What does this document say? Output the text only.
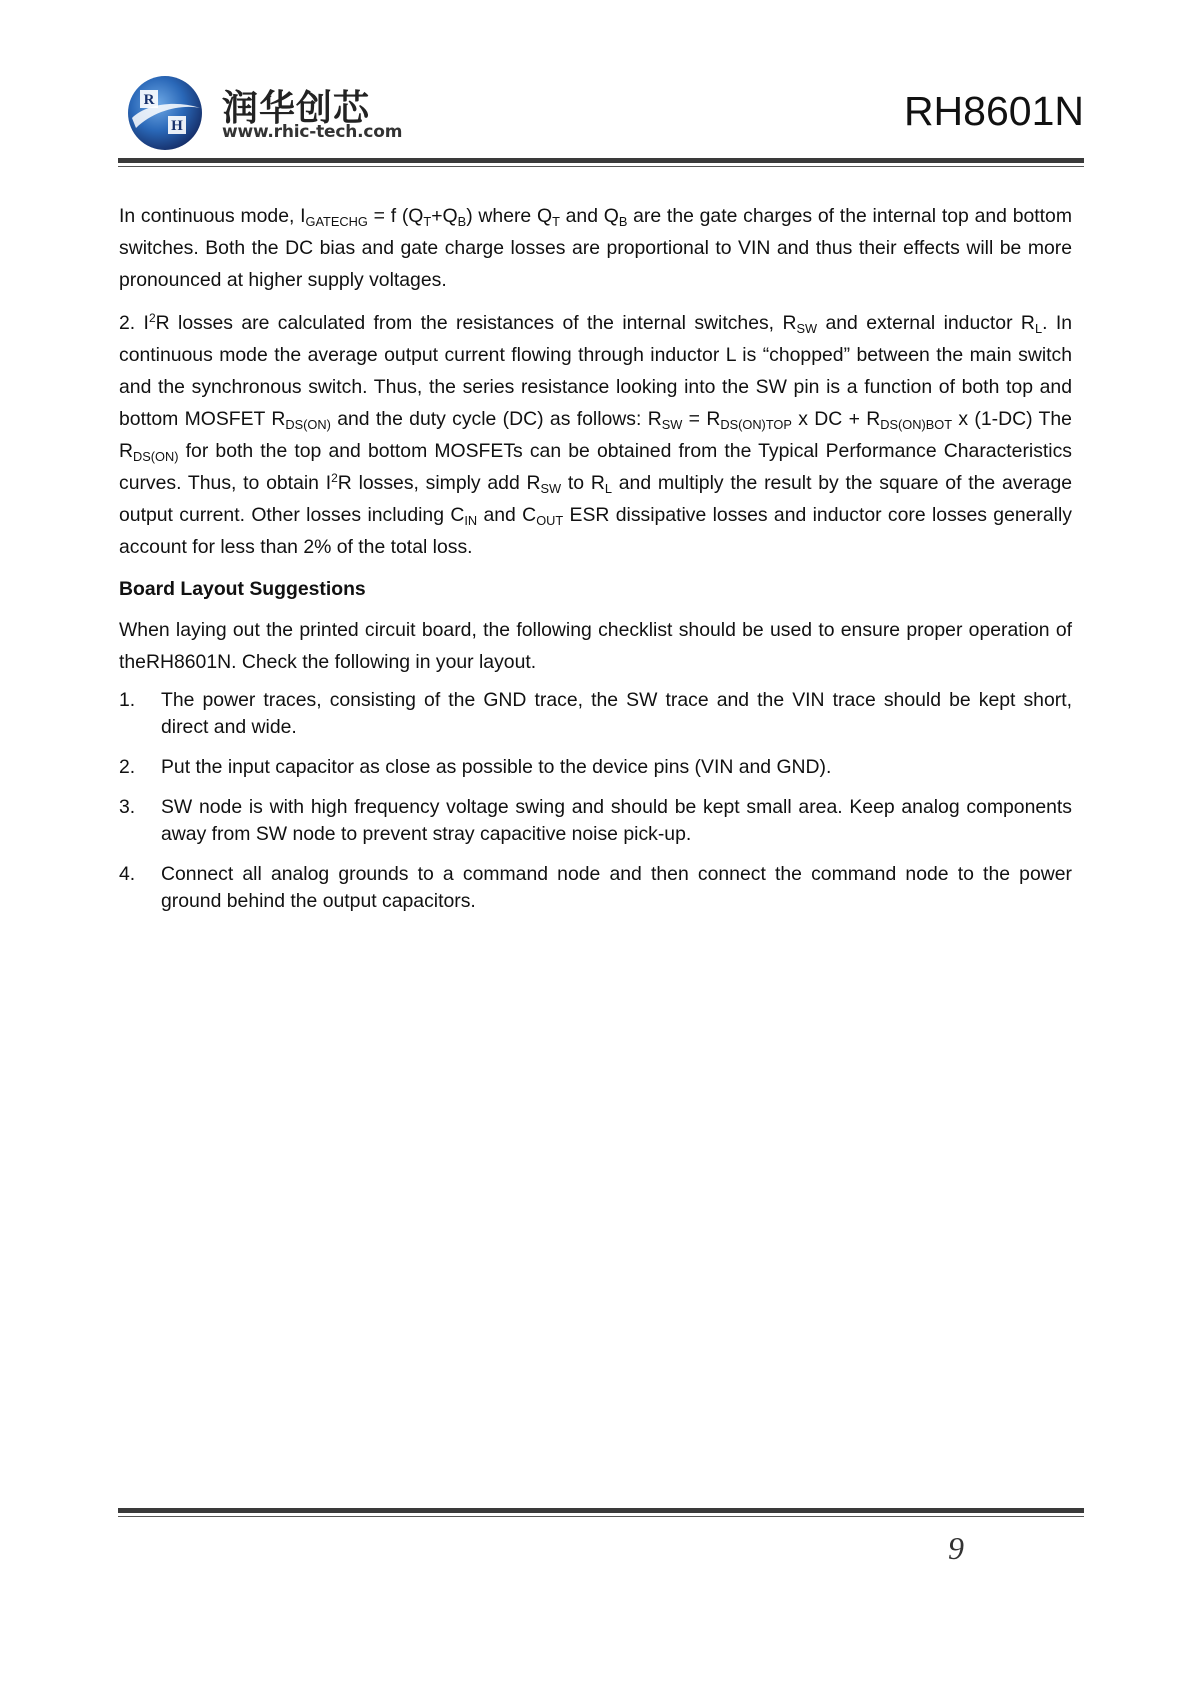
R
H 润华创芯
www.rhic-tech.com	RH8601N

In continuous mode, $I_{GATECHG} = f$ $(Q_T+Q_B)$ where $Q_T$ and $Q_B$ are the gate charges of the internal top and bottom switches. Both the DC bias and gate charge losses are proportional to VIN and thus their effects will be more pronounced at higher supply voltages.

2. $I^2R$ losses are calculated from the resistances of the internal switches, $R_{SW}$ and external inductor $R_L$. In continuous mode the average output current flowing through inductor L is “chopped” between the main switch and the synchronous switch. Thus, the series resistance looking into the SW pin is a function of both top and bottom MOSFET $R_{DS(ON)}$ and the duty cycle (DC) as follows: $R_{SW} = R_{DS(ON)TOP}$ x DC + $R_{DS(ON)BOT}$ x (1-DC) The $R_{DS(ON)}$ for both the top and bottom MOSFETs can be obtained from the Typical Performance Characteristics curves. Thus, to obtain $I^2R$ losses, simply add $R_{SW}$ to $R_L$ and multiply the result by the square of the average output current. Other losses including $C_{IN}$ and $C_{OUT}$ ESR dissipative losses and inductor core losses generally account for less than 2% of the total loss.

Board Layout Suggestions

When laying out the printed circuit board, the following checklist should be used to ensure proper operation of theRH8601N. Check the following in your layout.

1. The power traces, consisting of the GND trace, the SW trace and the VIN trace should be kept short, direct and wide.
2. Put the input capacitor as close as possible to the device pins (VIN and GND).
3. SW node is with high frequency voltage swing and should be kept small area. Keep analog components away from SW node to prevent stray capacitive noise pick-up.
4. Connect all analog grounds to a command node and then connect the command node to the power ground behind the output capacitors.
9
